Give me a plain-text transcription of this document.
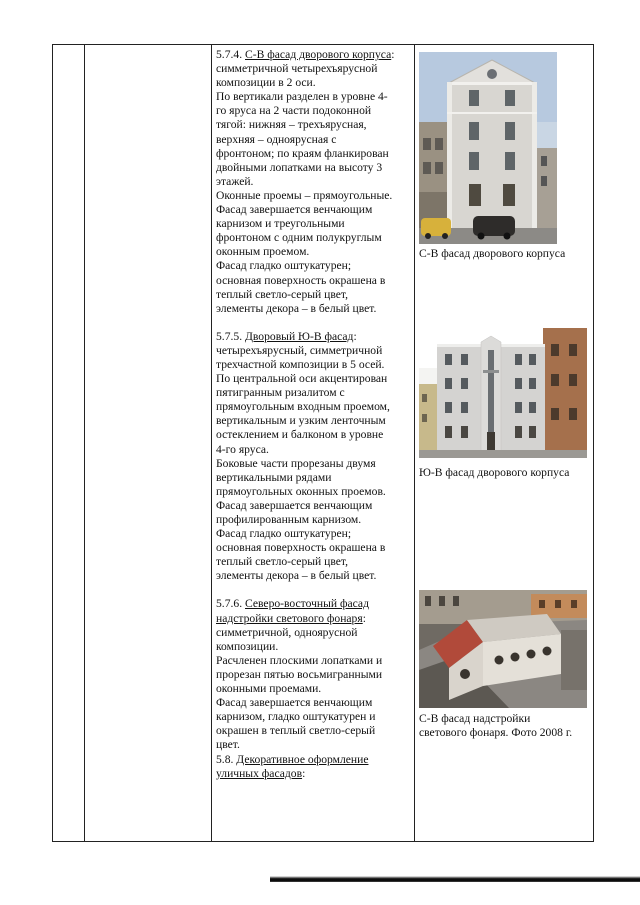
5.7.4. С-В фасад дворового корпуса:

симметричной четырехъярусной

композиции в 2 оси.

По вертикали разделен в уровне 4-

го яруса на 2 части подоконной

тягой: нижняя – трехъярусная,

верхняя – одноярусная с

фронтоном; по краям фланкирован

двойными лопатками на высоту 3

этажей.

Оконные проемы – прямоугольные.

Фасад завершается венчающим

карнизом и треугольными

фронтоном с одним полукруглым

оконным проемом.

Фасад гладко оштукатурен;

основная поверхность окрашена в

теплый светло-серый цвет,

элементы декора – в белый цвет.

5.7.5. Дворовый Ю-В фасад:

четырехъярусный, симметричной

трехчастной композиции в 5 осей.

По центральной оси акцентирован

пятигранным ризалитом с

прямоугольным входным проемом,

вертикальным и узким ленточным

остеклением и балконом в уровне

4-го яруса.

Боковые части прорезаны двумя

вертикальными рядами

прямоугольных оконных проемов.

Фасад завершается венчающим

профилированным карнизом.

Фасад гладко оштукатурен;

основная поверхность окрашена в

теплый светло-серый цвет,

элементы декора – в белый цвет.

5.7.6. Северо-восточный фасад

надстройки светового фонаря:

симметричной, одноярусной

композиции.

Расчленен плоскими лопатками и

прорезан пятью восьмигранными

оконными проемами.

Фасад завершается венчающим

карнизом, гладко оштукатурен и

окрашен в теплый светло-серый

цвет.

5.8. Декоративное оформление

уличных фасадов:

С-В фасад дворового корпуса
Ю-В фасад дворового корпуса
С-В фасад надстройки
светового фонаря. Фото 2008 г.
